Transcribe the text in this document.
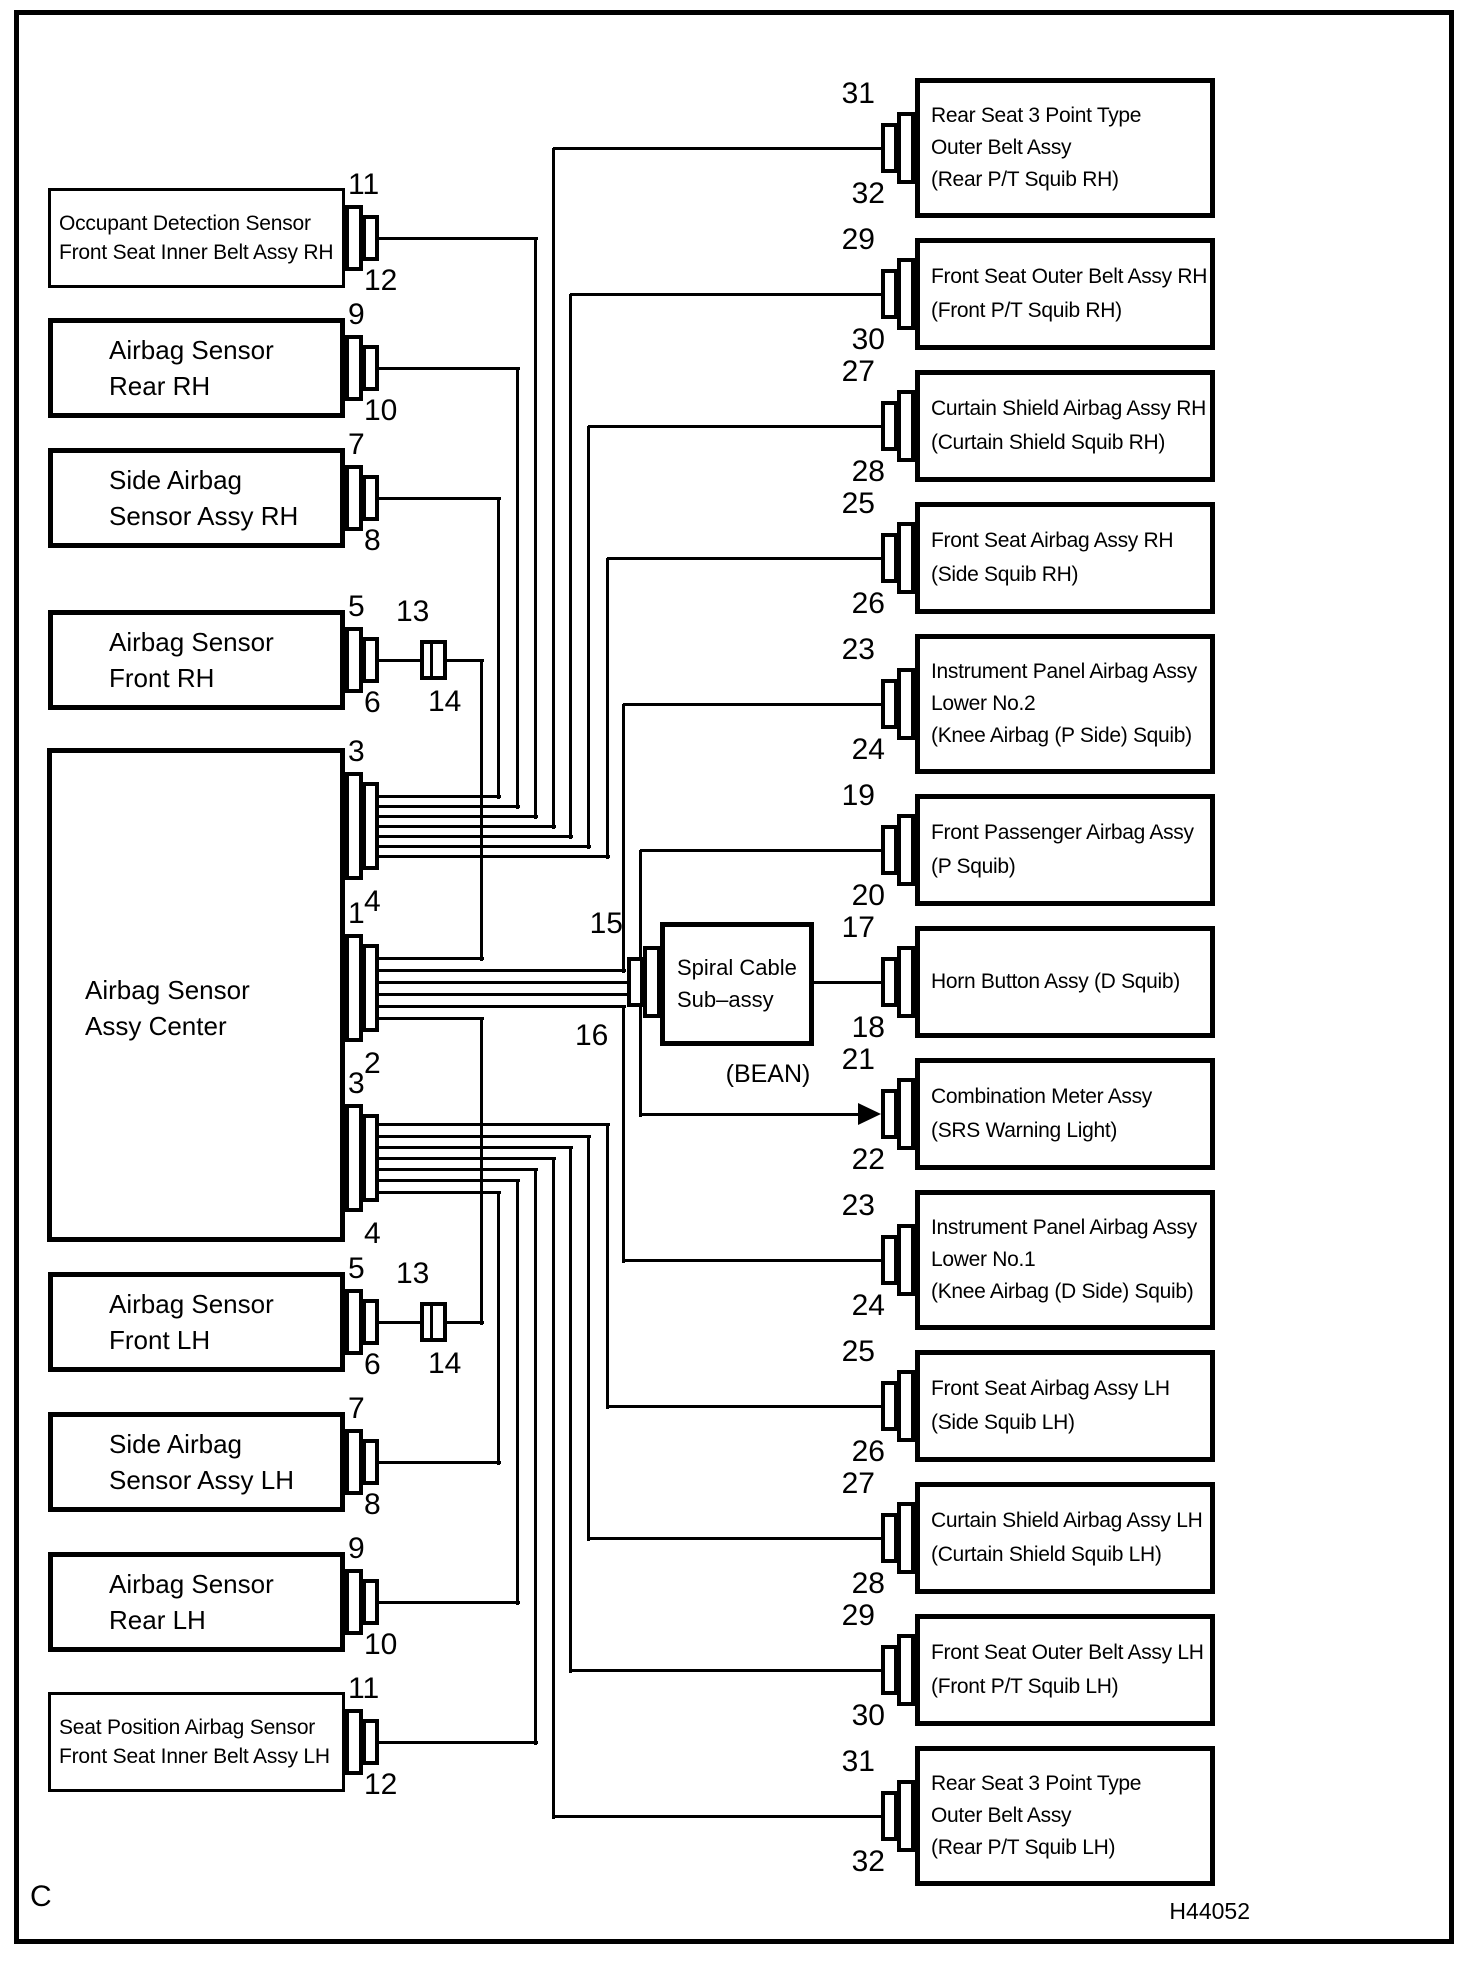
C	H44052
(BEAN)
Occupant Detection Sensor
Front Seat Inner Belt Assy RH
11
12
Airbag Sensor
Rear RH
9
10
Side Airbag
Sensor Assy RH
7
8
Airbag Sensor
Front RH
5
6
13
14
Airbag Sensor
Front LH
5
6
13
14
Side Airbag
Sensor Assy LH
7
8
Airbag Sensor
Rear LH
9
10
Seat Position Airbag Sensor
Front Seat Inner Belt Assy LH
11
12
Airbag Sensor
Assy Center
3
4
1
2
3
4
Spiral Cable
Sub–assy
15
16
Rear Seat 3 Point Type
Outer Belt Assy
(Rear P/T Squib RH)
31
32
Front Seat Outer Belt Assy RH
(Front P/T Squib RH)
29
30
Curtain Shield Airbag Assy RH
(Curtain Shield Squib RH)
27
28
Front Seat Airbag Assy RH
(Side Squib RH)
25
26
Instrument Panel Airbag Assy
Lower No.2
(Knee Airbag (P Side) Squib)
23
24
Front Passenger Airbag Assy
(P Squib)
19
20
Horn Button Assy (D Squib)
17
18
Combination Meter Assy
(SRS Warning Light)
21
22
Instrument Panel Airbag Assy
Lower No.1
(Knee Airbag (D Side) Squib)
23
24
Front Seat Airbag Assy LH
(Side Squib LH)
25
26
Curtain Shield Airbag Assy LH
(Curtain Shield Squib LH)
27
28
Front Seat Outer Belt Assy LH
(Front P/T Squib LH)
29
30
Rear Seat 3 Point Type
Outer Belt Assy
(Rear P/T Squib LH)
31
32
